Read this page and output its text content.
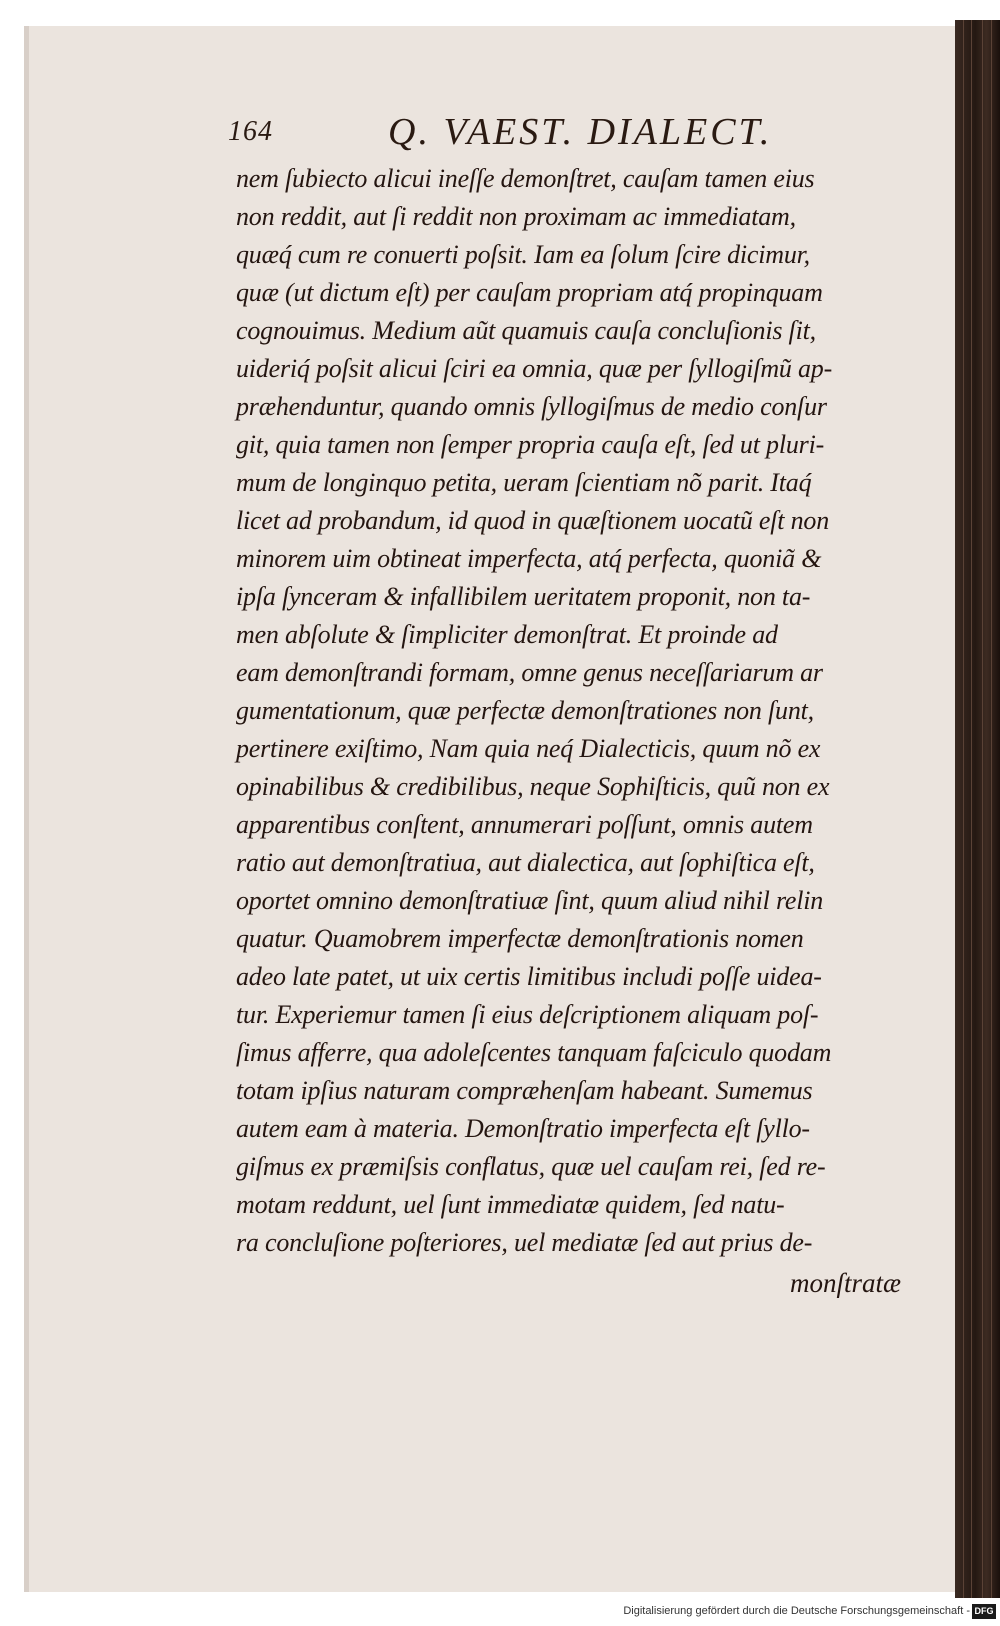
164	Q. VAEST. DIALECT.
nem ſubiecto alicui ineſſe demonſtret, cauſam tamen eius
non reddit, aut ſi reddit non proximam ac immediatam,
quæq́ cum re conuerti poſsit. Iam ea ſolum ſcire dicimur,
quæ (ut dictum eſt) per cauſam propriam atq́ propinquam
cognouimus. Medium aũt quamuis cauſa concluſionis ſit,
uideriq́ poſsit alicui ſciri ea omnia, quæ per ſyllogiſmũ ap-
præhenduntur, quando omnis ſyllogiſmus de medio conſur
git, quia tamen non ſemper propria cauſa eſt, ſed ut pluri-
mum de longinquo petita, ueram ſcientiam nõ parit. Itaq́
licet ad probandum, id quod in quæſtionem uocatũ eſt non
minorem uim obtineat imperfecta, atq́ perfecta, quoniã &
ipſa ſynceram & infallibilem ueritatem proponit, non ta-
men abſolute & ſimpliciter demonſtrat. Et proinde ad
eam demonſtrandi formam, omne genus neceſſariarum ar
gumentationum, quæ perfectæ demonſtrationes non ſunt,
pertinere exiſtimo, Nam quia neq́ Dialecticis, quum nõ ex
opinabilibus & credibilibus, neque Sophiſticis, quũ non ex
apparentibus conſtent, annumerari poſſunt, omnis autem
ratio aut demonſtratiua, aut dialectica, aut ſophiſtica eſt,
oportet omnino demonſtratiuæ ſint, quum aliud nihil relin
quatur. Quamobrem imperfectæ demonſtrationis nomen
adeo late patet, ut uix certis limitibus includi poſſe uidea-
tur. Experiemur tamen ſi eius deſcriptionem aliquam poſ-
ſimus afferre, qua adoleſcentes tanquam faſciculo quodam
totam ipſius naturam compræhenſam habeant. Sumemus
autem eam à materia. Demonſtratio imperfecta eſt ſyllo-
giſmus ex præmiſsis conflatus, quæ uel cauſam rei, ſed re-
motam reddunt, uel ſunt immediatæ quidem, ſed natu-
ra concluſione poſteriores, uel mediatæ ſed aut prius de-
monſtratæ
Digitalisierung gefördert durch die Deutsche Forschungsgemeinschaft - DFG
